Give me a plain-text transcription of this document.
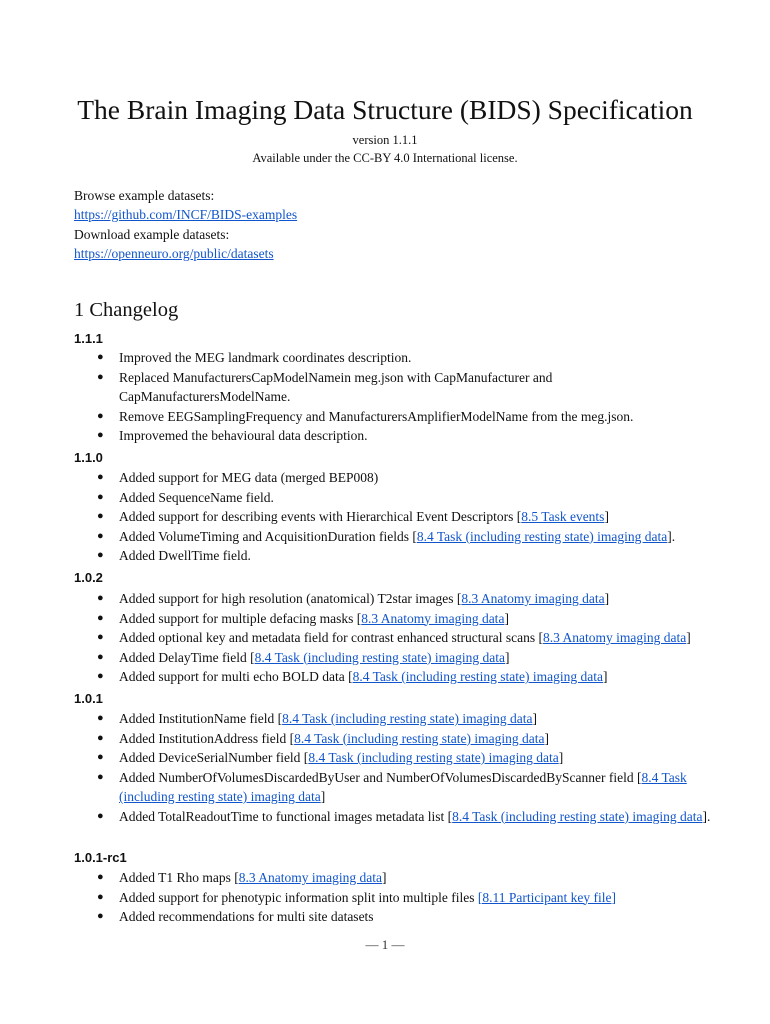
The Brain Imaging Data Structure (BIDS) Specification
version 1.1.1
Available under the CC-BY 4.0 International license.
Browse example datasets:
https://github.com/INCF/BIDS-examples
Download example datasets:
https://openneuro.org/public/datasets
1 Changelog
1.1.1
● Improved the MEG landmark coordinates description.
● Replaced ManufacturersCapModelNamein meg.json with CapManufacturer and CapManufacturersModelName.
● Remove EEGSamplingFrequency and ManufacturersAmplifierModelName from the meg.json.
● Improvemed the behavioural data description.
1.1.0
● Added support for MEG data (merged BEP008)
● Added SequenceName field.
● Added support for describing events with Hierarchical Event Descriptors [8.5 Task events]
● Added VolumeTiming and AcquisitionDuration fields [8.4 Task (including resting state) imaging data].
● Added DwellTime field.
1.0.2
● Added support for high resolution (anatomical) T2star images [8.3 Anatomy imaging data]
● Added support for multiple defacing masks [8.3 Anatomy imaging data]
● Added optional key and metadata field for contrast enhanced structural scans [8.3 Anatomy imaging data]
● Added DelayTime field [8.4 Task (including resting state) imaging data]
● Added support for multi echo BOLD data [8.4 Task (including resting state) imaging data]
1.0.1
● Added InstitutionName field [8.4 Task (including resting state) imaging data]
● Added InstitutionAddress field [8.4 Task (including resting state) imaging data]
● Added DeviceSerialNumber field [8.4 Task (including resting state) imaging data]
● Added NumberOfVolumesDiscardedByUser and NumberOfVolumesDiscardedByScanner field [8.4 Task (including resting state) imaging data]
● Added TotalReadoutTime to functional images metadata list [8.4 Task (including resting state) imaging data].
1.0.1-rc1
● Added T1 Rho maps [8.3 Anatomy imaging data]
● Added support for phenotypic information split into multiple files [8.11 Participant key file]
● Added recommendations for multi site datasets
— 1 —
